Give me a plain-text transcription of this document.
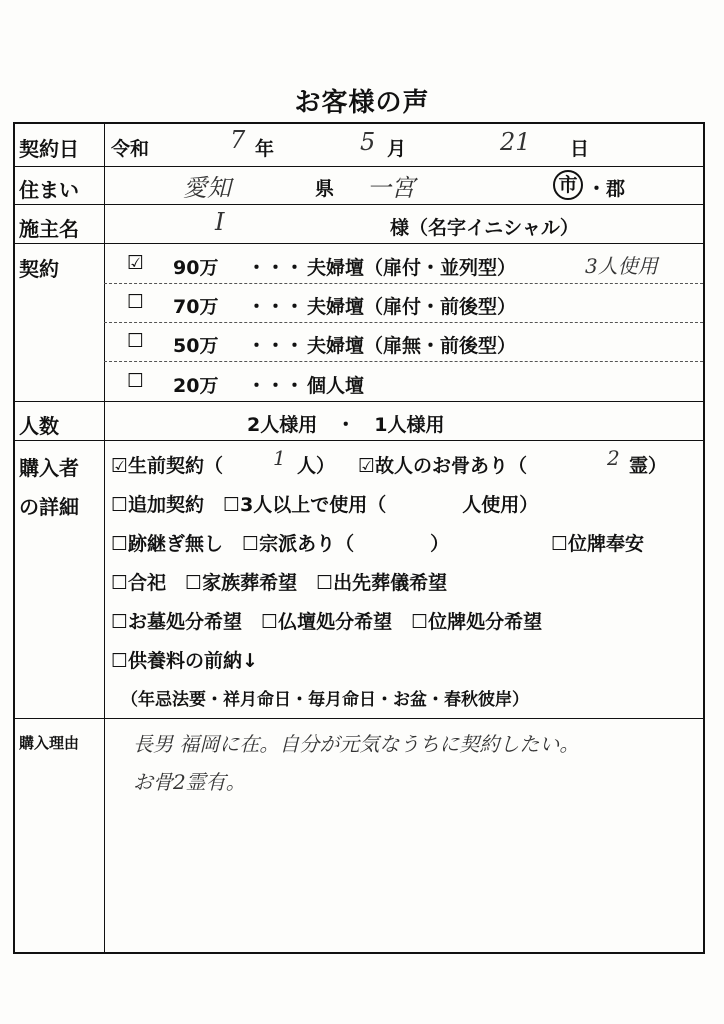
お客様の声
契約日 令和	7 年	5 月	21 日
住まい	愛知	県 一宮	市 ・郡
施主名	I	様（名字イニシャル）
契約	☑ 90万 ・・・ 夫婦壇（扉付・並列型）	3人使用
☐ 70万 ・・・ 夫婦壇（扉付・前後型）
☐ 50万 ・・・ 夫婦壇（扉無・前後型）
☐ 20万 ・・・ 個人壇
人数	2人様用　・　1人様用
購入者
の詳細
☑生前契約（ 1 人） ☑故人のお骨あり（	2 霊）
☐追加契約　☐3人以上で使用（　　　　人使用）
☐跡継ぎ無し　☐宗派あり（　　　　）	☐位牌奉安
☐合祀　☐家族葬希望　☐出先葬儀希望
☐お墓処分希望　☐仏壇処分希望　☐位牌処分希望
☐供養料の前納↓
（年忌法要・祥月命日・毎月命日・お盆・春秋彼岸）
購入理由	長男 福岡に在。自分が元気なうちに契約したい。
お骨2霊有。
